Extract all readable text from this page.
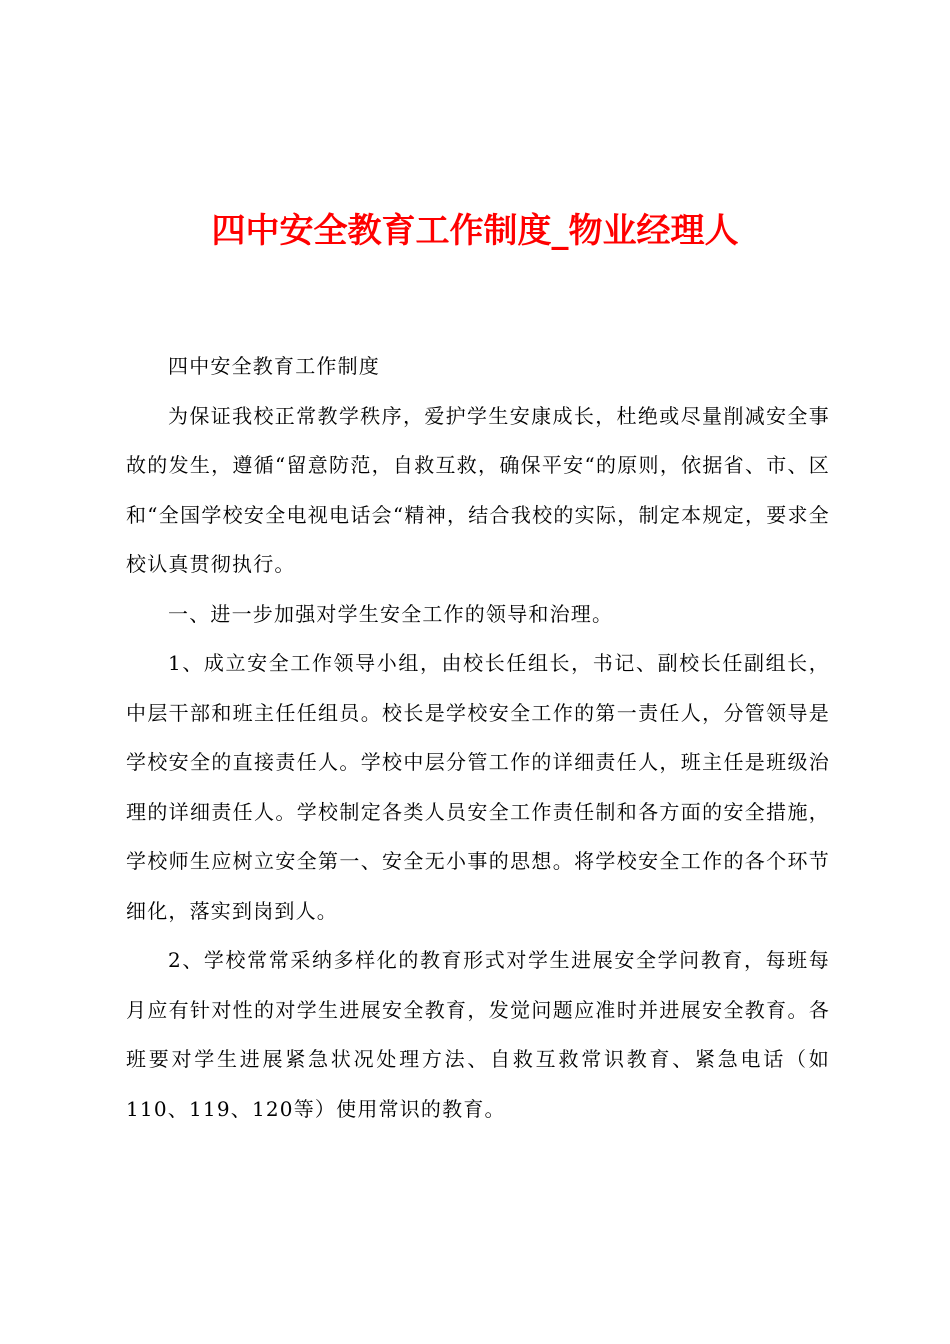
四中安全教育工作制度_物业经理人

四中安全教育工作制度

为保证我校正常教学秩序，爱护学生安康成长，杜绝或尽量削减安全事故的发生，遵循“留意防范，自救互救，确保平安“的原则，依据省、市、区和“全国学校安全电视电话会“精神，结合我校的实际，制定本规定，要求全校认真贯彻执行。

一、进一步加强对学生安全工作的领导和治理。

1、成立安全工作领导小组，由校长任组长，书记、副校长任副组长，中层干部和班主任任组员。校长是学校安全工作的第一责任人，分管领导是学校安全的直接责任人。学校中层分管工作的详细责任人，班主任是班级治理的详细责任人。学校制定各类人员安全工作责任制和各方面的安全措施，学校师生应树立安全第一、安全无小事的思想。将学校安全工作的各个环节细化，落实到岗到人。

2、学校常常采纳多样化的教育形式对学生进展安全学问教育，每班每月应有针对性的对学生进展安全教育，发觉问题应准时并进展安全教育。各班要对学生进展紧急状况处理方法、自救互救常识教育、紧急电话（如110、119、120等）使用常识的教育。
